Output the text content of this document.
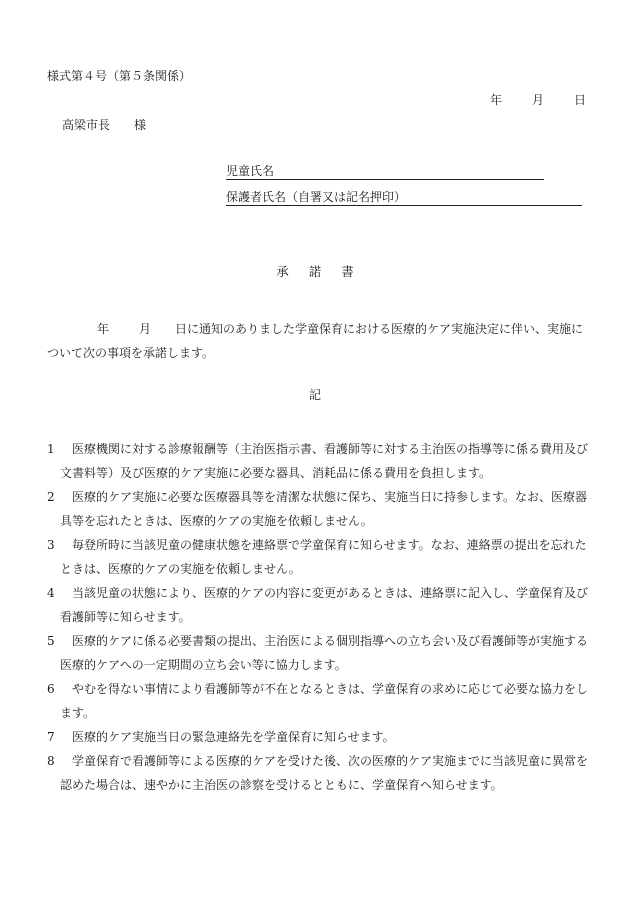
様式第４号（第５条関係）
年	月	日
高梁市長　　様
児童氏名
保護者氏名（自署又は記名押印）
承諾書
年	月 日に通知のありました学童保育における医療的ケア実施決定に伴い、実施について次の事項を承諾します。
記
1	医療機関に対する診療報酬等（主治医指示書、看護師等に対する主治医の指導等に係る費用及び文書料等）及び医療的ケア実施に必要な器具、消耗品に係る費用を負担します。
2	医療的ケア実施に必要な医療器具等を清潔な状態に保ち、実施当日に持参します。なお、医療器具等を忘れたときは、医療的ケアの実施を依頼しません。
3	毎登所時に当該児童の健康状態を連絡票で学童保育に知らせます。なお、連絡票の提出を忘れたときは、医療的ケアの実施を依頼しません。
4	当該児童の状態により、医療的ケアの内容に変更があるときは、連絡票に記入し、学童保育及び看護師等に知らせます。
5	医療的ケアに係る必要書類の提出、主治医による個別指導への立ち会い及び看護師等が実施する医療的ケアへの一定期間の立ち会い等に協力します。
6	やむを得ない事情により看護師等が不在となるときは、学童保育の求めに応じて必要な協力をします。
7	医療的ケア実施当日の緊急連絡先を学童保育に知らせます。
8	学童保育で看護師等による医療的ケアを受けた後、次の医療的ケア実施までに当該児童に異常を認めた場合は、速やかに主治医の診察を受けるとともに、学童保育へ知らせます。
